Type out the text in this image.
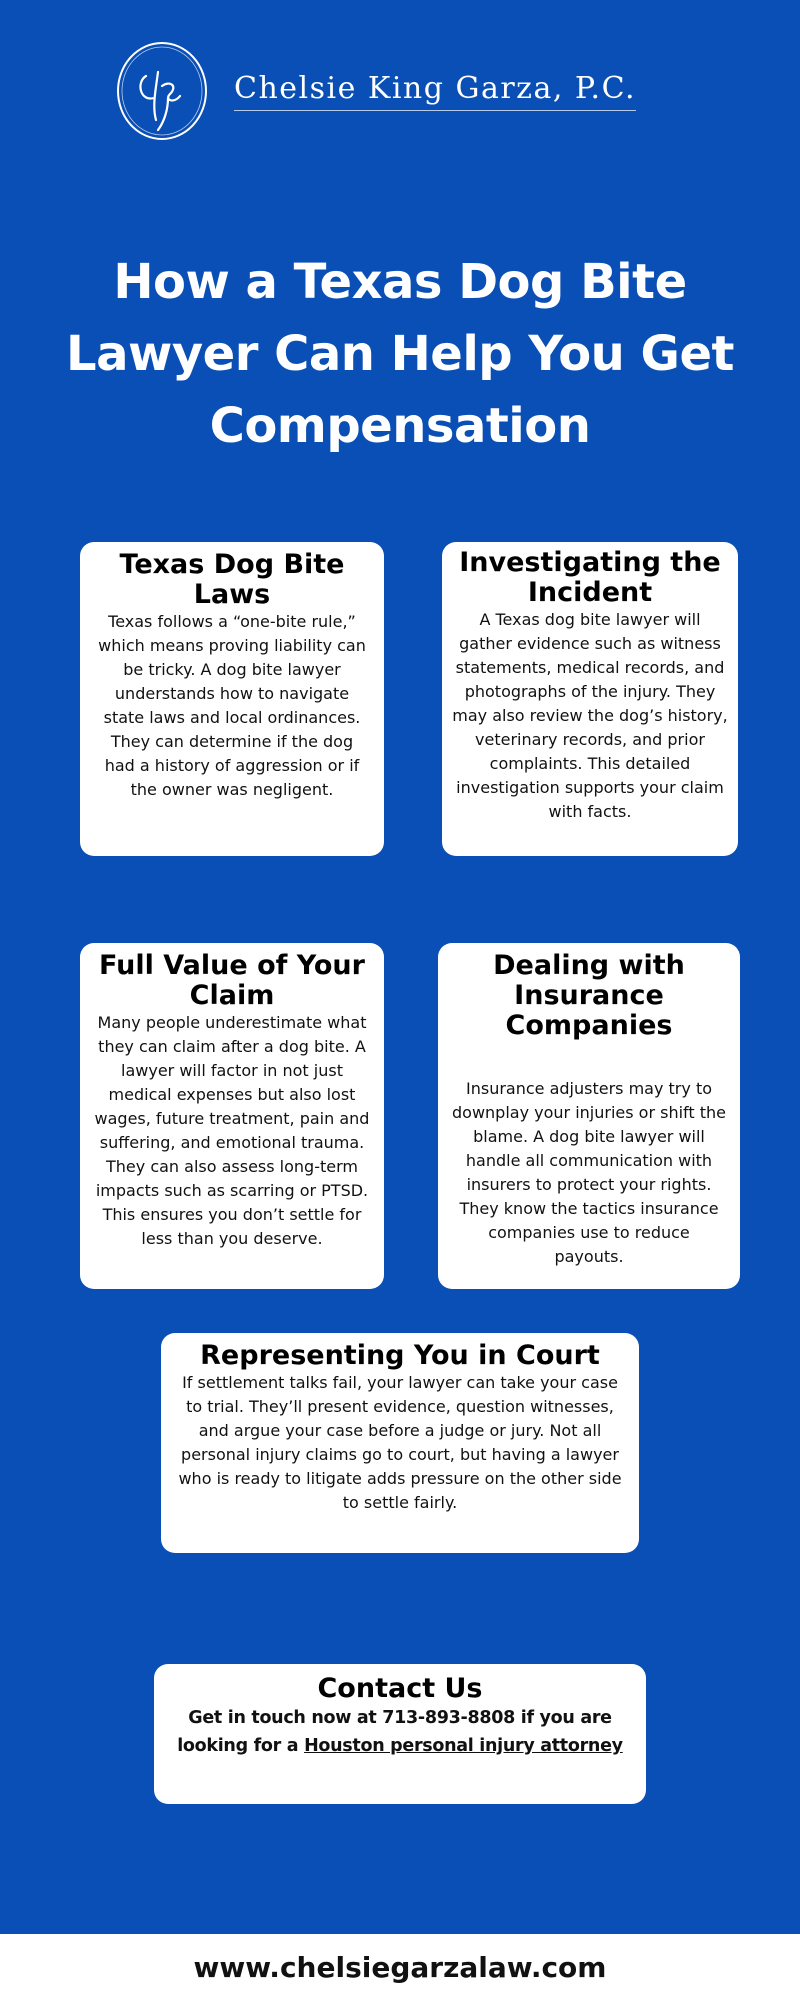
Chelsie King Garza, P.C.
How a Texas Dog Bite Lawyer Can Help You Get Compensation
Texas Dog Bite Laws

Texas follows a “one-bite rule,” which means proving liability can be tricky. A dog bite lawyer understands how to navigate state laws and local ordinances. They can determine if the dog had a history of aggression or if the owner was negligent.

Investigating the Incident

A Texas dog bite lawyer will gather evidence such as witness statements, medical records, and photographs of the injury. They may also review the dog’s history, veterinary records, and prior complaints. This detailed investigation supports your claim with facts.

Full Value of Your Claim

Many people underestimate what they can claim after a dog bite. A lawyer will factor in not just medical expenses but also lost wages, future treatment, pain and suffering, and emotional trauma. They can also assess long-term impacts such as scarring or PTSD. This ensures you don’t settle for less than you deserve.

Dealing with Insurance Companies

Insurance adjusters may try to downplay your injuries or shift the blame. A dog bite lawyer will handle all communication with insurers to protect your rights. They know the tactics insurance companies use to reduce payouts.

Representing You in Court

If settlement talks fail, your lawyer can take your case to trial. They’ll present evidence, question witnesses, and argue your case before a judge or jury. Not all personal injury claims go to court, but having a lawyer who is ready to litigate adds pressure on the other side to settle fairly.

Contact Us

Get in touch now at 713-893-8808 if you are looking for a Houston personal injury attorney

www.chelsiegarzalaw.com
